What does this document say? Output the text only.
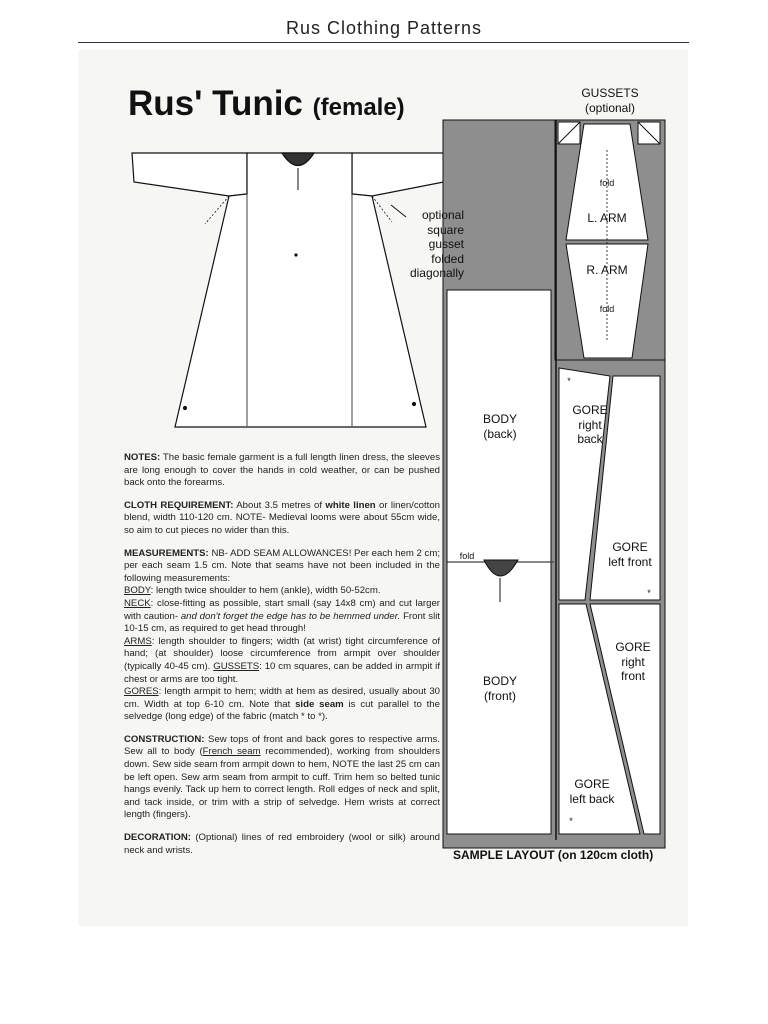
Rus Clothing Patterns
Rus' Tunic (female)
optional
square
gusset
folded
diagonally
GUSSETS
(optional)
fold
L. ARM
R. ARM
fold
BODY
(back)
BODY
(front)
fold
GORE
right back
GORE
left front
GORE
right front
GORE
left back
*
*
*
SAMPLE LAYOUT (on 120cm cloth)

NOTES: The basic female garment is a full length linen dress, the sleeves are long enough to cover the hands in cold weather, or can be pushed back onto the forearms.

CLOTH REQUIREMENT: About 3.5 metres of white linen or linen/cotton blend, width 110-120 cm. NOTE- Medieval looms were about 55cm wide, so aim to cut pieces no wider than this.

MEASUREMENTS: NB- ADD SEAM ALLOWANCES! Per each hem 2 cm; per each seam 1.5 cm. Note that seams have not been included in the following measurements:
BODY: length twice shoulder to hem (ankle), width 50-52cm.
NECK: close-fitting as possible, start small (say 14x8 cm) and cut larger with caution- and don't forget the edge has to be hemmed under. Front slit 10-15 cm, as required to get head through!
ARMS: length shoulder to fingers; width (at wrist) tight circumference of hand; (at shoulder) loose circumference from armpit over shoulder (typically 40-45 cm). GUSSETS: 10 cm squares, can be added in armpit if chest or arms are too tight.
GORES: length armpit to hem; width at hem as desired, usually about 30 cm. Width at top 6-10 cm. Note that side seam is cut parallel to the selvedge (long edge) of the fabric (match * to *).

CONSTRUCTION: Sew tops of front and back gores to respective arms. Sew all to body (French seam recommended), working from shoulders down. Sew side seam from armpit down to hem, NOTE the last 25 cm can be left open. Sew arm seam from armpit to cuff. Trim hem so belted tunic hangs evenly. Tack up hem to correct length. Roll edges of neck and split, and tack inside, or trim with a strip of selvedge. Hem wrists at correct length (fingers).

DECORATION: (Optional) lines of red embroidery (wool or silk) around neck and wrists.
